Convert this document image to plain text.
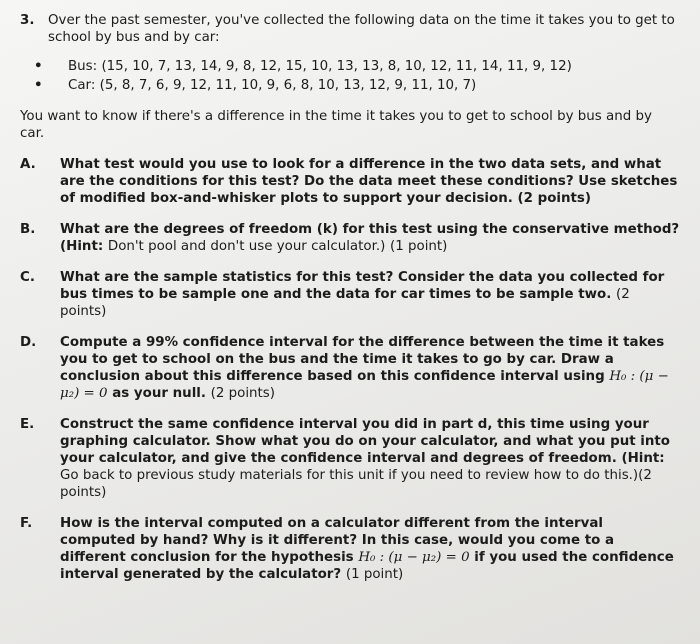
3.	Over the past semester, you've collected the following data on the time it takes you to get to school by bus and by car:
•	Bus: (15, 10, 7, 13, 14, 9, 8, 12, 15, 10, 13, 13, 8, 10, 12, 11, 14, 11, 9, 12)
•	Car: (5, 8, 7, 6, 9, 12, 11, 10, 9, 6, 8, 10, 13, 12, 9, 11, 10, 7)
You want to know if there's a difference in the time it takes you to get to school by bus and by car.
A.	What test would you use to look for a difference in the two data sets, and what are the conditions for this test? Do the data meet these conditions? Use sketches of modified box-and-whisker plots to support your decision. (2 points)
B.	What are the degrees of freedom (k) for this test using the conservative method? (Hint: Don't pool and don't use your calculator.) (1 point)
C.	What are the sample statistics for this test? Consider the data you collected for bus times to be sample one and the data for car times to be sample two. (2 points)
D.	Compute a 99% confidence interval for the difference between the time it takes you to get to school on the bus and the time it takes to go by car. Draw a conclusion about this difference based on this confidence interval using H₀ : (μ − μ₂) = 0 as your null. (2 points)
E.	Construct the same confidence interval you did in part d, this time using your graphing calculator. Show what you do on your calculator, and what you put into your calculator, and give the confidence interval and degrees of freedom. (Hint: Go back to previous study materials for this unit if you need to review how to do this.)(2 points)
F.	How is the interval computed on a calculator different from the interval computed by hand? Why is it different? In this case, would you come to a different conclusion for the hypothesis H₀ : (μ − μ₂) = 0 if you used the confidence interval generated by the calculator? (1 point)
